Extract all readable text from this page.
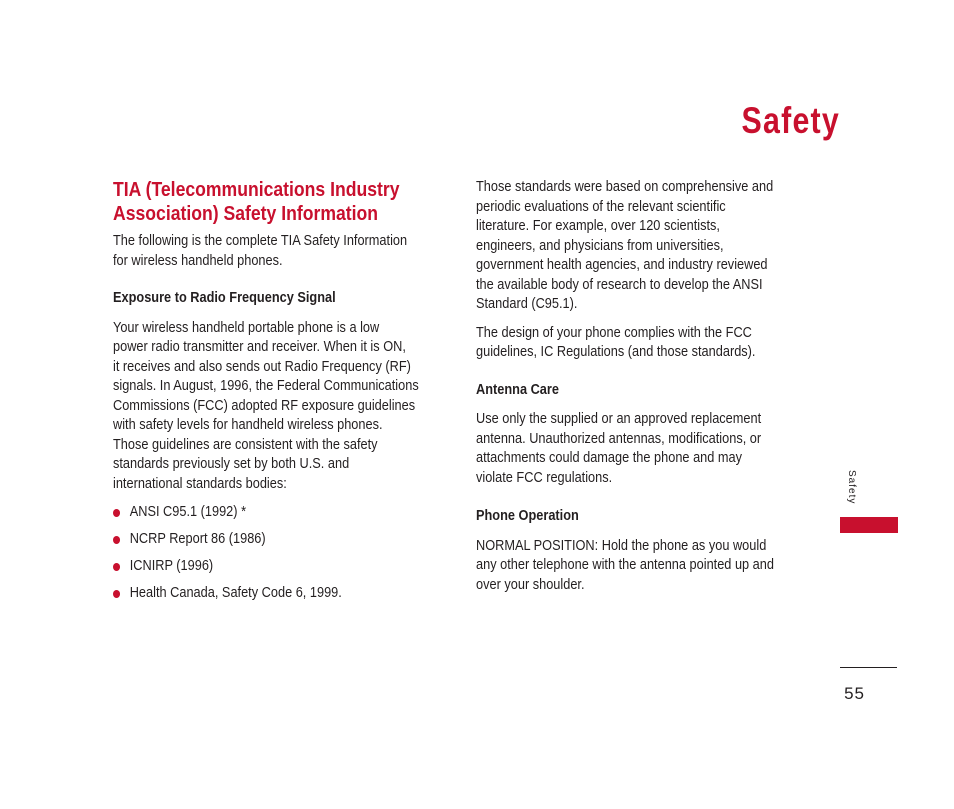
Safety

TIA (Telecommunications Industry

Association) Safety Information

The following is the complete TIA Safety Information

for wireless handheld phones.

Exposure to Radio Frequency Signal

Your wireless handheld portable phone is a low

power radio transmitter and receiver. When it is ON,

it receives and also sends out Radio Frequency (RF)

signals. In August, 1996, the Federal Communications

Commissions (FCC) adopted RF exposure guidelines

with safety levels for handheld wireless phones.

Those guidelines are consistent with the safety

standards previously set by both U.S. and

international standards bodies:

ANSI C95.1 (1992) *
NCRP Report 86 (1986)
ICNIRP (1996)
Health Canada, Safety Code 6, 1999.

Those standards were based on comprehensive and

periodic evaluations of the relevant scientific

literature. For example, over 120 scientists,

engineers, and physicians from universities,

government health agencies, and industry reviewed

the available body of research to develop the ANSI

Standard (C95.1).

The design of your phone complies with the FCC

guidelines, IC Regulations (and those standards).

Antenna Care

Use only the supplied or an approved replacement

antenna. Unauthorized antennas, modifications, or

attachments could damage the phone and may

violate FCC regulations.

Phone Operation

NORMAL POSITION: Hold the phone as you would

any other telephone with the antenna pointed up and

over your shoulder.

Safety
55
